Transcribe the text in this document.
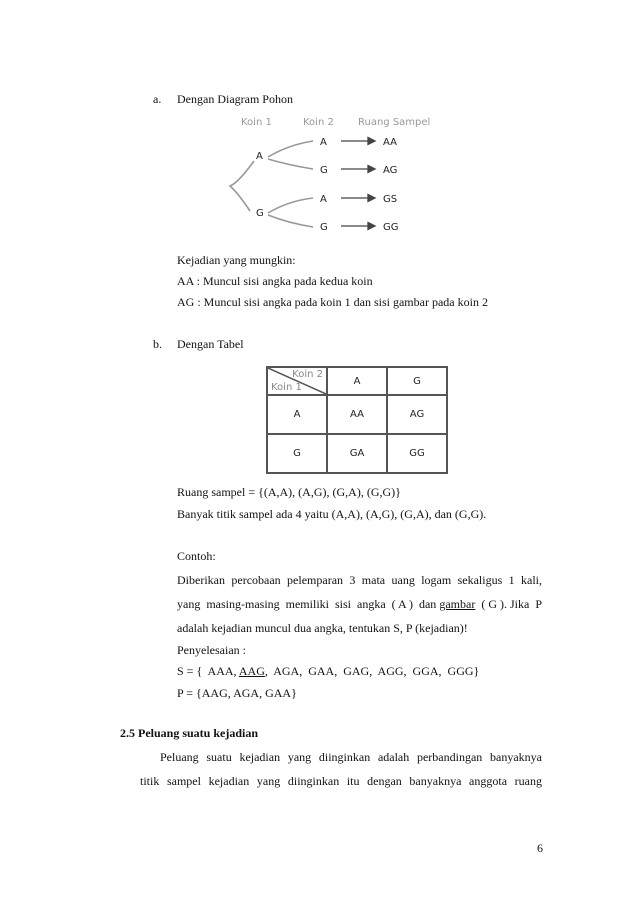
a. Dengan Diagram Pohon
Koin 1	Koin 2 Ruang Sampel
A
G
A
G
A
G
AA
AG
GS
GG
Kejadian yang mungkin:
AA : Muncul sisi angka pada kedua koin
AG : Muncul sisi angka pada koin 1 dan sisi gambar pada koin 2
b. Dengan Tabel
Koin 2
Koin 1	A	G
A	AA	AG
G	GA	GG
Ruang sampel = {(A,A), (A,G), (G,A), (G,G)}
Banyak titik sampel ada 4 yaitu (A,A), (A,G), (G,A), dan (G,G).
Contoh:
Diberikan percobaan pelemparan 3 mata uang logam sekaligus 1 kali,
yang  masing-masing  memiliki  sisi  angka  ( A )  dan gambar ( G ). Jika  P
adalah kejadian muncul dua angka, tentukan S, P (kejadian)!
Penyelesaian :
S = {  AAA, AAG,  AGA,  GAA,  GAG,  AGG,  GGA,  GGG}
P = {AAG, AGA, GAA}
2.5 Peluang suatu kejadian
Peluang suatu kejadian yang diinginkan adalah perbandingan banyaknya
titik sampel kejadian yang diinginkan itu dengan banyaknya anggota ruang
6
